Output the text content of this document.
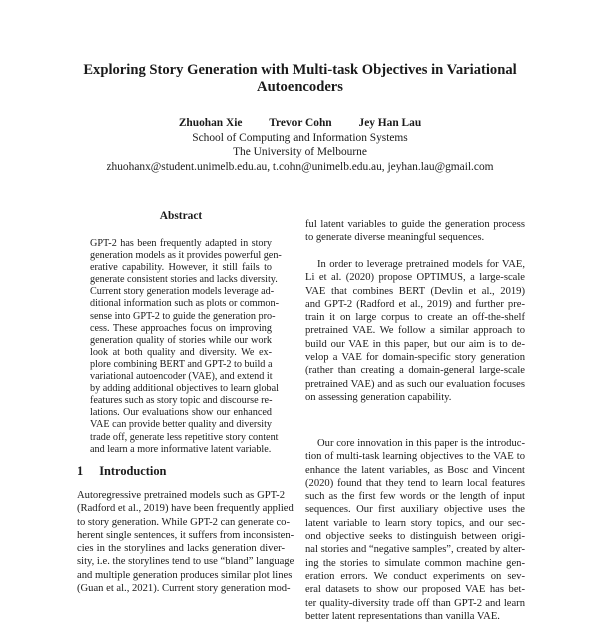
Exploring Story Generation with Multi-task Objectives in Variational
Autoencoders
Zhuohan Xie Trevor Cohn Jey Han Lau
School of Computing and Information Systems
The University of Melbourne
zhuohanx@student.unimelb.edu.au, t.cohn@unimelb.edu.au, jeyhan.lau@gmail.com
Abstract
GPT-2 has been frequently adapted in story
generation models as it provides powerful gen-
erative capability. However, it still fails to
generate consistent stories and lacks diversity.
Current story generation models leverage ad-
ditional information such as plots or common-
sense into GPT-2 to guide the generation pro-
cess. These approaches focus on improving
generation quality of stories while our work
look at both quality and diversity. We ex-
plore combining BERT and GPT-2 to build a
variational autoencoder (VAE), and extend it
by adding additional objectives to learn global
features such as story topic and discourse re-
lations. Our evaluations show our enhanced
VAE can provide better quality and diversity
trade off, generate less repetitive story content
and learn a more informative latent variable.
1 Introduction
Autoregressive pretrained models such as GPT-2
(Radford et al., 2019) have been frequently applied
to story generation. While GPT-2 can generate co-
herent single sentences, it suffers from inconsisten-
cies in the storylines and lacks generation diver-
sity, i.e. the storylines tend to use “bland” language
and multiple generation produces similar plot lines
(Guan et al., 2021). Current story generation mod-
ful latent variables to guide the generation process
to generate diverse meaningful sequences.
In order to leverage pretrained models for VAE,
Li et al. (2020) propose OPTIMUS, a large-scale
VAE that combines BERT (Devlin et al., 2019)
and GPT-2 (Radford et al., 2019) and further pre-
train it on large corpus to create an off-the-shelf
pretrained VAE. We follow a similar approach to
build our VAE in this paper, but our aim is to de-
velop a VAE for domain-specific story generation
(rather than creating a domain-general large-scale
pretrained VAE) and as such our evaluation focuses
on assessing generation capability.
Our core innovation in this paper is the introduc-
tion of multi-task learning objectives to the VAE to
enhance the latent variables, as Bosc and Vincent
(2020) found that they tend to learn local features
such as the first few words or the length of input
sequences. Our first auxiliary objective uses the
latent variable to learn story topics, and our sec-
ond objective seeks to distinguish between origi-
nal stories and “negative samples”, created by alter-
ing the stories to simulate common machine gen-
eration errors. We conduct experiments on sev-
eral datasets to show our proposed VAE has bet-
ter quality-diversity trade off than GPT-2 and learn
better latent representations than vanilla VAE.
